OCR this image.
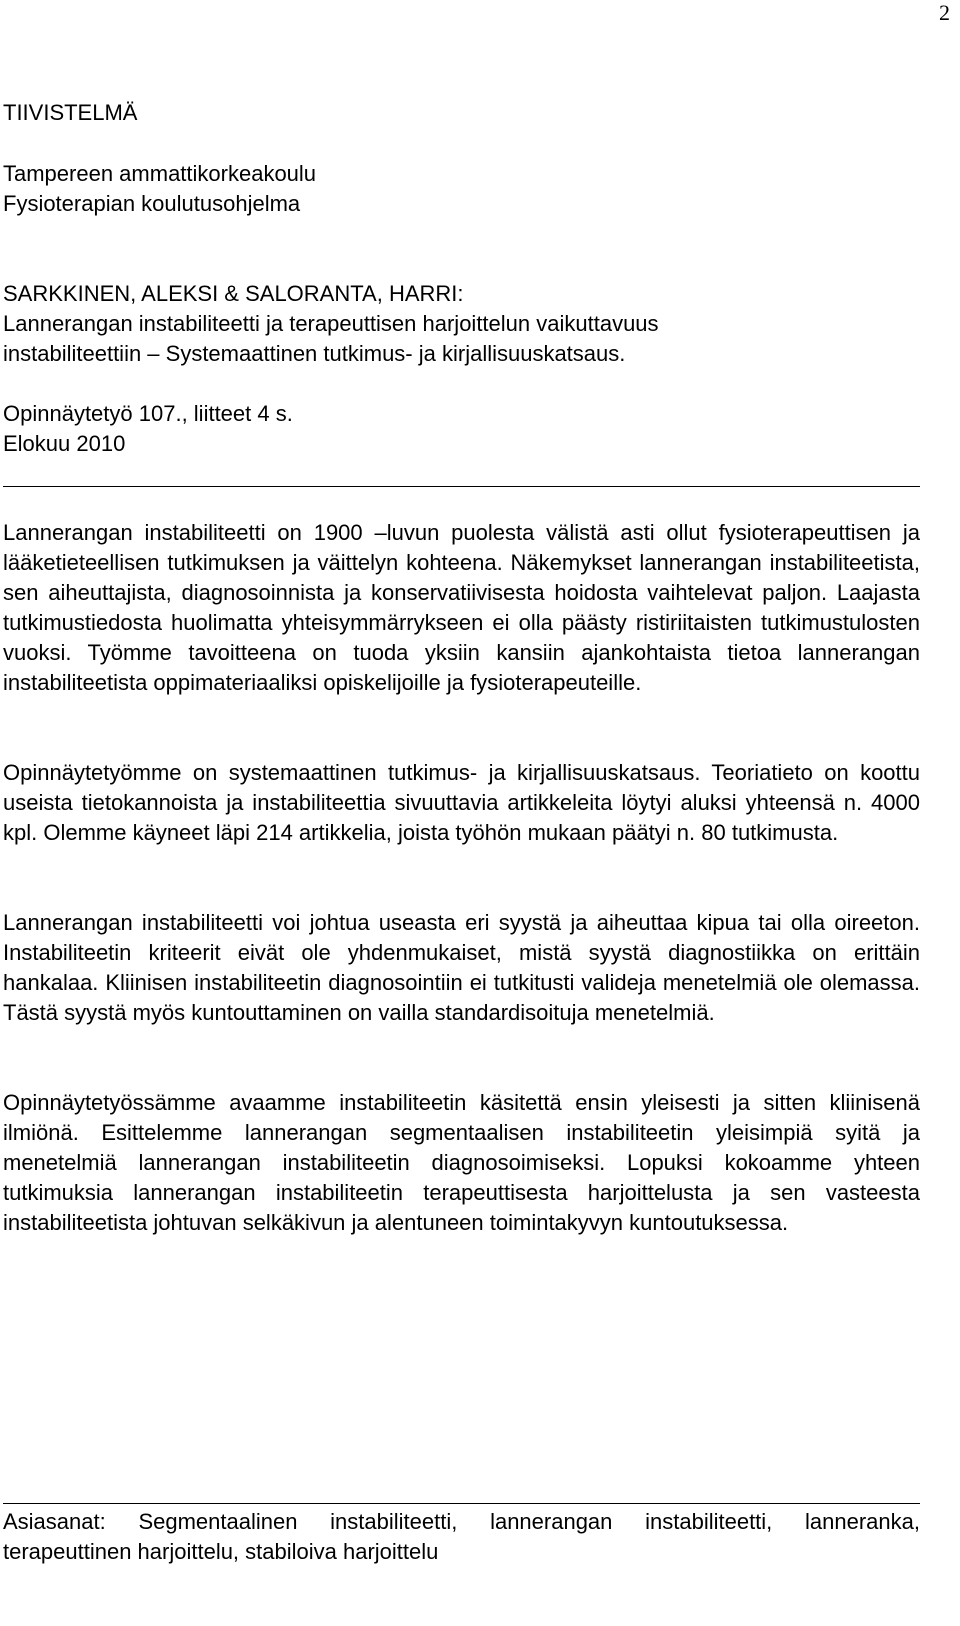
2
TIIVISTELMÄ
Tampereen ammattikorkeakoulu
Fysioterapian koulutusohjelma
SARKKINEN, ALEKSI & SALORANTA, HARRI:
Lannerangan instabiliteetti ja terapeuttisen harjoittelun vaikuttavuus
instabiliteettiin – Systemaattinen tutkimus- ja kirjallisuuskatsaus.
Opinnäytetyö 107., liitteet 4 s.
Elokuu 2010

Lannerangan instabiliteetti on 1900 –luvun puolesta välistä asti ollut fysioterapeuttisen ja lääketieteellisen tutkimuksen ja väittelyn kohteena. Näkemykset lannerangan instabiliteetista, sen aiheuttajista, diagnosoinnista ja konservatiivisesta hoidosta vaihtelevat paljon. Laajasta tutkimustiedosta huolimatta yhteisymmärrykseen ei olla päästy ristiriitaisten tutkimustulosten vuoksi. Työmme tavoitteena on tuoda yksiin kansiin ajankohtaista tietoa lannerangan instabiliteetista oppimateriaaliksi opiskelijoille ja fysioterapeuteille.

Opinnäytetyömme on systemaattinen tutkimus- ja kirjallisuuskatsaus. Teoriatieto on koottu useista tietokannoista ja instabiliteettia sivuuttavia artikkeleita löytyi aluksi yhteensä n. 4000 kpl. Olemme käyneet läpi 214 artikkelia, joista työhön mukaan päätyi n. 80 tutkimusta.

Lannerangan instabiliteetti voi johtua useasta eri syystä ja aiheuttaa kipua tai olla oireeton. Instabiliteetin kriteerit eivät ole yhdenmukaiset, mistä syystä diagnostiikka on erittäin hankalaa. Kliinisen instabiliteetin diagnosointiin ei tutkitusti valideja menetelmiä ole olemassa. Tästä syystä myös kuntouttaminen on vailla standardisoituja menetelmiä.

Opinnäytetyössämme avaamme instabiliteetin käsitettä ensin yleisesti ja sitten kliinisenä ilmiönä. Esittelemme lannerangan segmentaalisen instabiliteetin yleisimpiä syitä ja menetelmiä lannerangan instabiliteetin diagnosoimiseksi. Lopuksi kokoamme yhteen tutkimuksia lannerangan instabiliteetin terapeuttisesta harjoittelusta ja sen vasteesta instabiliteetista johtuvan selkäkivun ja alentuneen toimintakyvyn kuntoutuksessa.

Asiasanat: Segmentaalinen instabiliteetti, lannerangan instabiliteetti, lanneranka, terapeuttinen harjoittelu, stabiloiva harjoittelu
